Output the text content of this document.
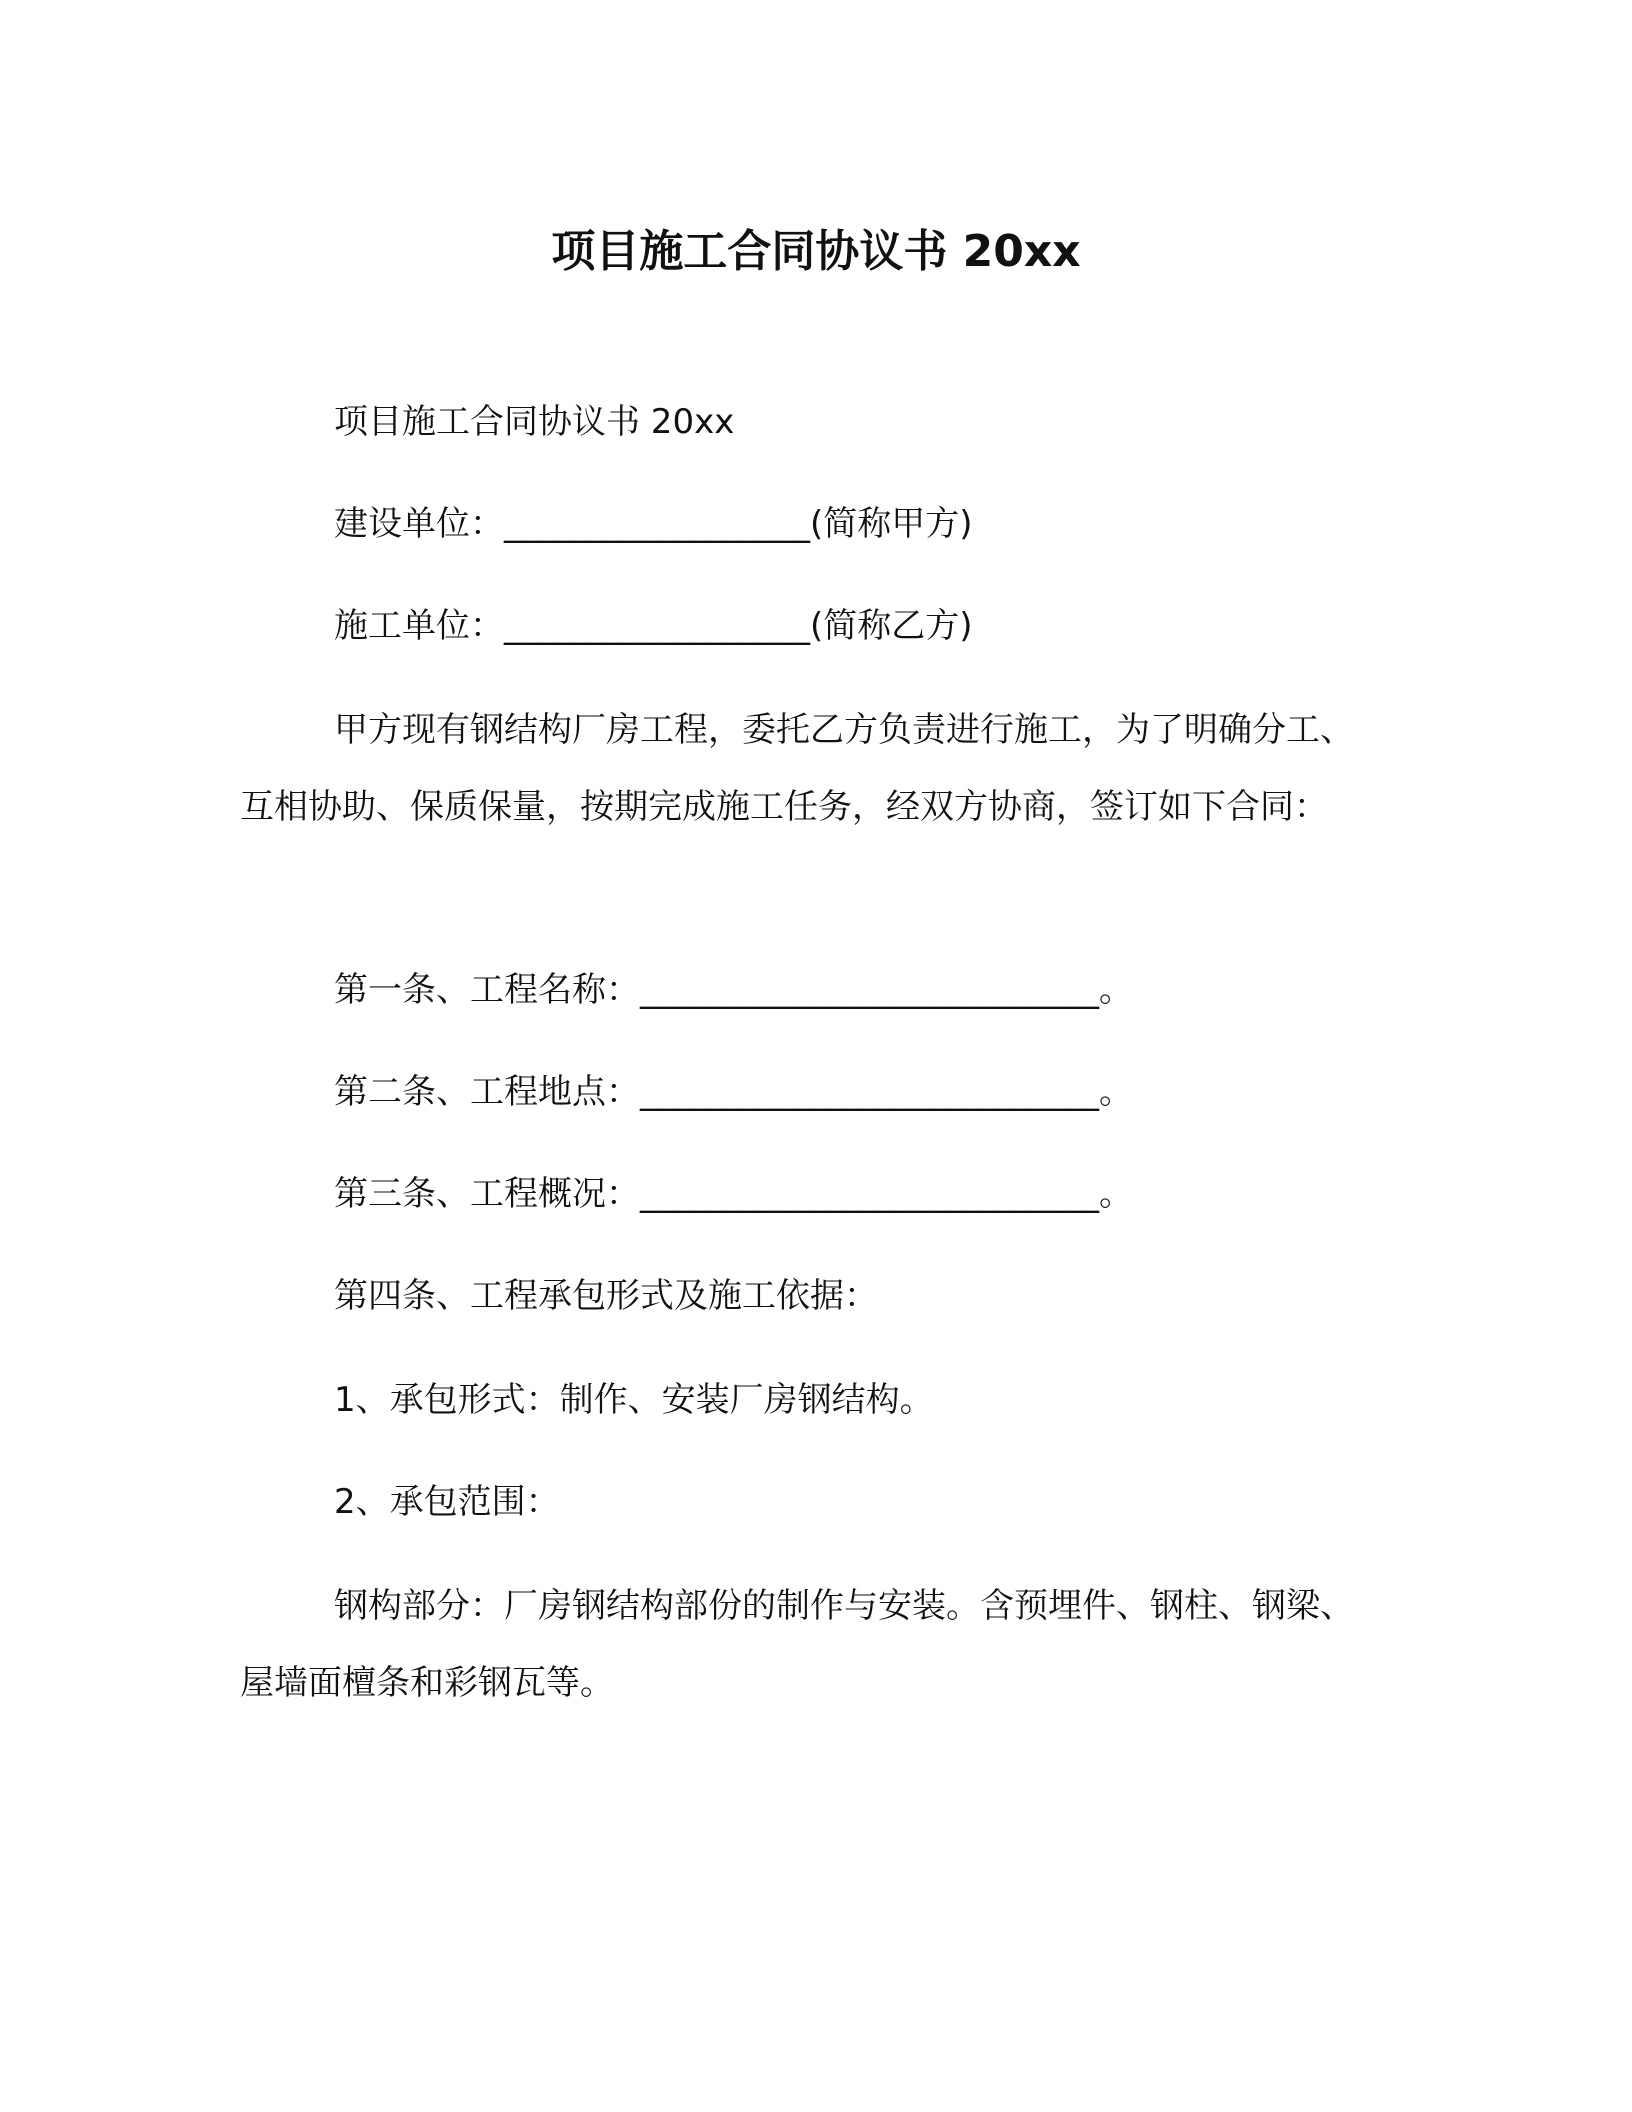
项目施工合同协议书 20xx
项目施工合同协议书 20xx
建设单位：__________________(简称甲方)
施工单位：__________________(简称乙方)
甲方现有钢结构厂房工程，委托乙方负责进行施工，为了明确分工、互相协助、保质保量，按期完成施工任务，经双方协商，签订如下合同：
第一条、工程名称：___________________________。
第二条、工程地点：___________________________。
第三条、工程概况：___________________________。
第四条、工程承包形式及施工依据：
1、承包形式：制作、安装厂房钢结构。
2、承包范围：
钢构部分：厂房钢结构部份的制作与安装。含预埋件、钢柱、钢梁、屋墙面檀条和彩钢瓦等。
